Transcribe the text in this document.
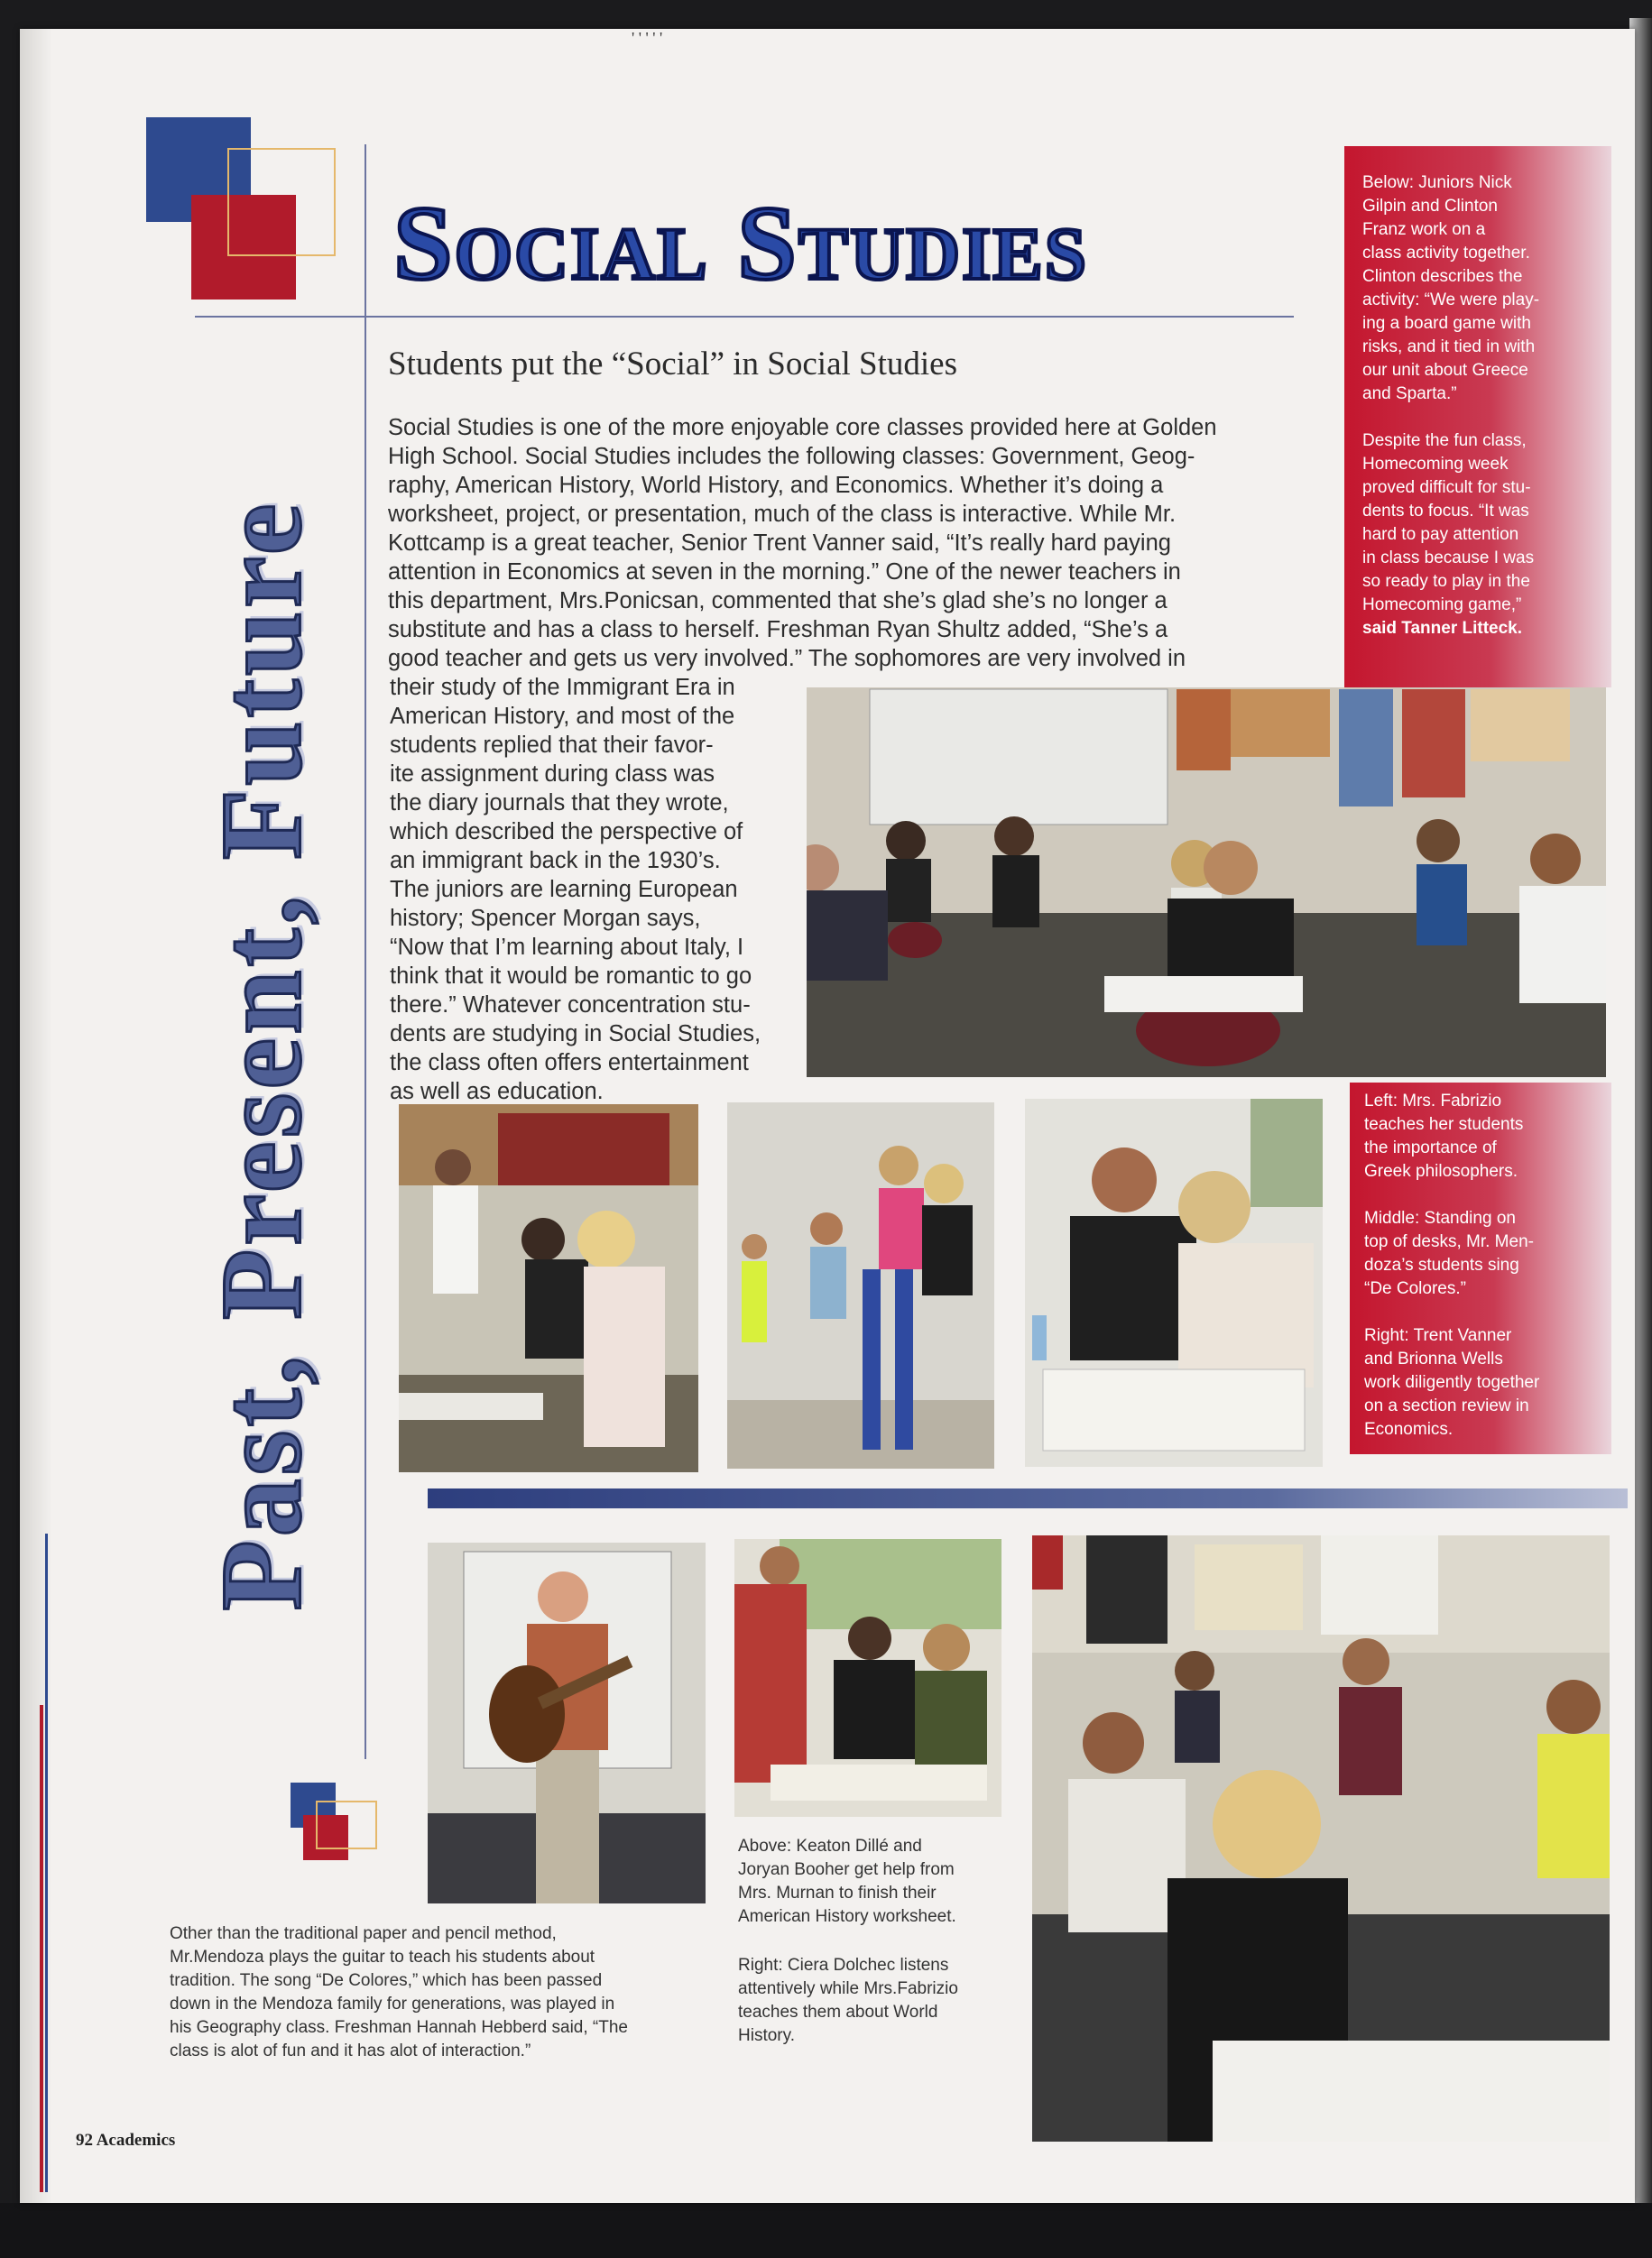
' ' ' ' '
Past, Present, Future
Social Studies
Students put the “Social” in Social Studies
Social Studies is one of the more enjoyable core classes provided here at Golden
High School. Social Studies includes the following classes: Government, Geog-
raphy, American History, World History, and Economics. Whether it’s doing a
worksheet, project, or presentation, much of the class is interactive. While Mr.
Kottcamp is a great teacher, Senior Trent Vanner said, “It’s really hard paying
attention in Economics at seven in the morning.” One of the newer teachers in
this department, Mrs.Ponicsan, commented that she’s glad she’s no longer a
substitute and has a class to herself. Freshman Ryan Shultz added, “She’s a
good teacher and gets us very involved.” The sophomores are very involved in
their study of the Immigrant Era in
American History, and most of the
students replied that their favor-
ite assignment during class was
the diary journals that they wrote,
which described the perspective of
an immigrant back in the 1930’s.
The juniors are learning European
history; Spencer Morgan says,
“Now that I’m learning about Italy, I
think that it would be romantic to go
there.” Whatever concentration stu-
dents are studying in Social Studies,
the class often offers entertainment
as well as education.
Below: Juniors Nick
Gilpin and Clinton
Franz work on a
class activity together.
Clinton describes the
activity: “We were play-
ing a board game with
risks, and it tied in with
our unit about Greece
and Sparta.”
Despite the fun class,
Homecoming week
proved difficult for stu-
dents to focus. “It was
hard to pay attention
in class because I was
so ready to play in the
Homecoming game,”
said Tanner Litteck.
Left: Mrs. Fabrizio
teaches her students
the importance of
Greek philosophers.
Middle: Standing on
top of desks, Mr. Men-
doza’s students sing
“De Colores.”
Right: Trent Vanner
and Brionna Wells
work diligently together
on a section review in
Economics.
Other than the traditional paper and pencil method,
Mr.Mendoza plays the guitar to teach his students about
tradition. The song “De Colores,” which has been passed
down in the Mendoza family for generations, was played in
his Geography class. Freshman Hannah Hebberd said, “The
class is alot of fun and it has alot of interaction.”
Above: Keaton Dillé and
Joryan Booher get help from
Mrs. Murnan to finish their
American History worksheet.
Right: Ciera Dolchec listens
attentively while Mrs.Fabrizio
teaches them about World
History.
92 Academics
